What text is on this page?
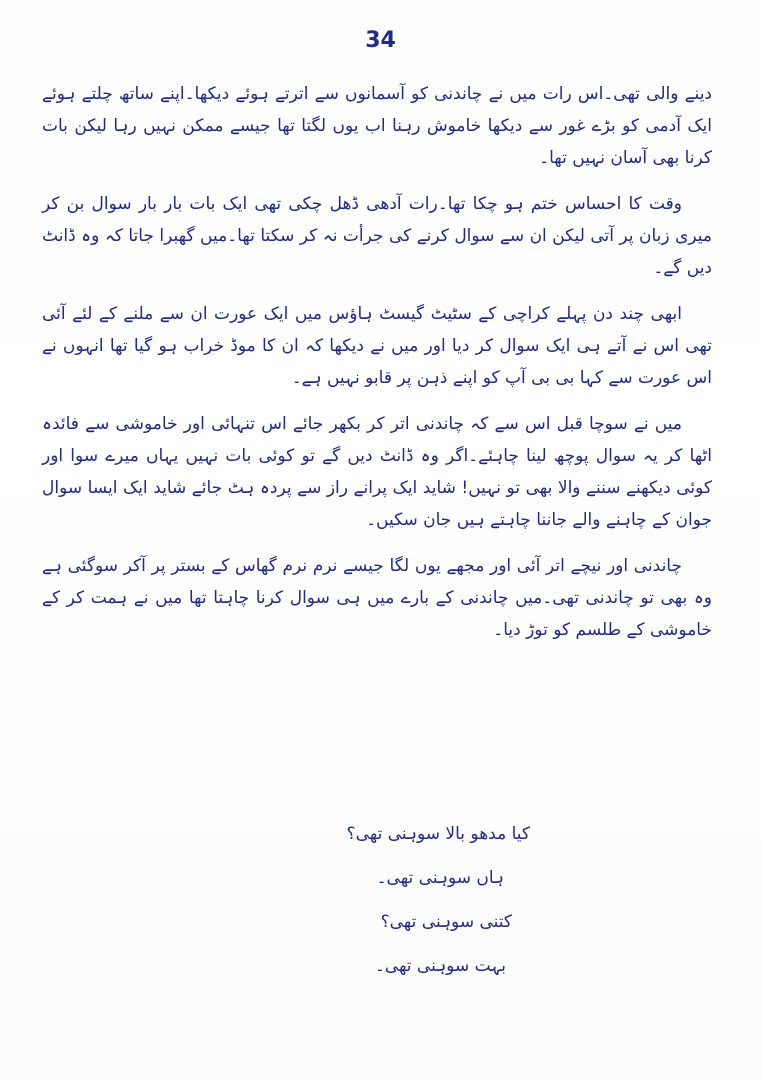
34

دینے والی تھی۔اس رات میں نے چاندنی کو آسمانوں سے اترتے ہوئے دیکھا۔اپنے ساتھ چلتے ہوئے ایک آدمی کو بڑے غور سے دیکھا خاموش رہنا اب یوں لگتا تھا جیسے ممکن نہیں رہا لیکن بات کرنا بھی آسان نہیں تھا۔

وقت کا احساس ختم ہو چکا تھا۔رات آدھی ڈھل چکی تھی ایک بات بار بار سوال بن کر میری زبان پر آتی لیکن ان سے سوال کرنے کی جرأت نہ کر سکتا تھا۔میں گھبرا جاتا کہ وہ ڈانٹ دیں گے۔

ابھی چند دن پہلے کراچی کے سٹیٹ گیسٹ ہاؤس میں ایک عورت ان سے ملنے کے لئے آئی تھی اس نے آتے ہی ایک سوال کر دیا اور میں نے دیکھا کہ ان کا موڈ خراب ہو گیا تھا انہوں نے اس عورت سے کہا بی بی آپ کو اپنے ذہن پر قابو نہیں ہے۔

میں نے سوچا قبل اس سے کہ چاندنی اتر کر بکھر جائے اس تنہائی اور خاموشی سے فائدہ اٹھا کر یہ سوال پوچھ لینا چاہئے۔اگر وہ ڈانٹ دیں گے تو کوئی بات نہیں یہاں میرے سوا اور کوئی دیکھنے سننے والا بھی تو نہیں! شاید ایک پرانے راز سے پردہ ہٹ جائے شاید ایک ایسا سوال جوان کے چاہنے والے جاننا چاہتے ہیں جان سکیں۔

چاندنی اور نیچے اتر آئی اور مجھے یوں لگا جیسے نرم نرم گھاس کے بستر پر آکر سوگئی ہے وہ بھی تو چاندنی تھی۔میں چاندنی کے بارے میں ہی سوال کرنا چاہتا تھا میں نے ہمت کر کے خاموشی کے طلسم کو توڑ دیا۔

کیا مدھو بالا سوہنی تھی؟
ہاں سوہنی تھی۔
کتنی سوہنی تھی؟
بہت سوہنی تھی۔
